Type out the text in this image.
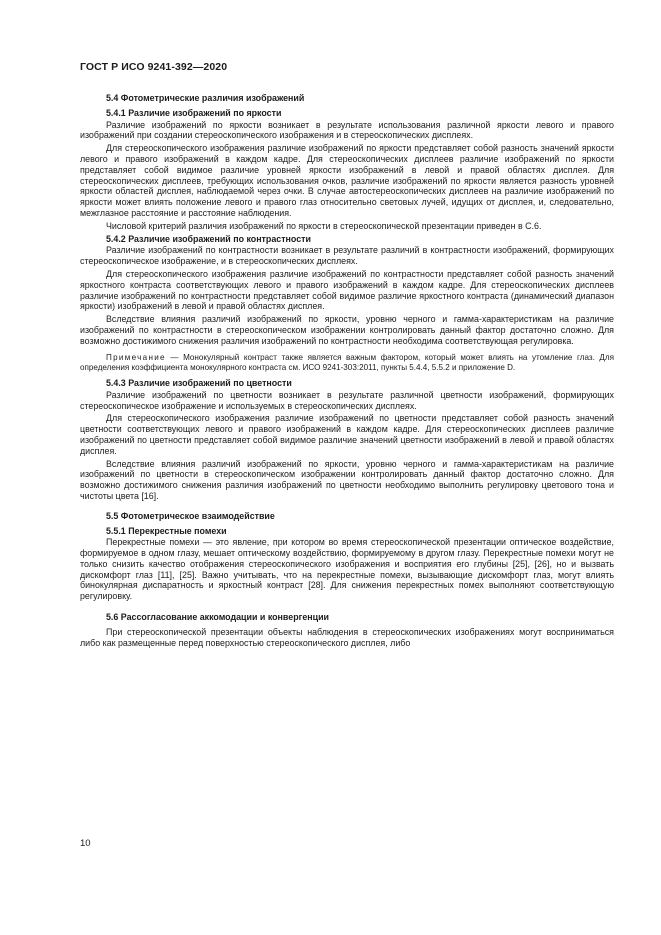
ГОСТ Р ИСО 9241-392—2020
5.4 Фотометрические различия изображений
5.4.1 Различие изображений по яркости
Различие изображений по яркости возникает в результате использования различной яркости левого и правого изображений при создании стереоскопического изображения и в стереоскопических дисплеях.
Для стереоскопического изображения различие изображений по яркости представляет собой разность значений яркости левого и правого изображений в каждом кадре. Для стереоскопических дисплеев различие изображений по яркости представляет собой видимое различие уровней яркости изображений в левой и правой областях дисплея. Для стереоскопических дисплеев, требующих использования очков, различие изображений по яркости является разность уровней яркости областей дисплея, наблюдаемой через очки. В случае автостереоскопических дисплеев на различие изображений по яркости может влиять положение левого и правого глаз относительно световых лучей, идущих от дисплея, и, следовательно, межглазное расстояние и расстояние наблюдения.
Числовой критерий различия изображений по яркости в стереоскопической презентации приведен в С.6.
5.4.2 Различие изображений по контрастности
Различие изображений по контрастности возникает в результате различий в контрастности изображений, формирующих стереоскопическое изображение, и в стереоскопических дисплеях.
Для стереоскопического изображения различие изображений по контрастности представляет собой разность значений яркостного контраста соответствующих левого и правого изображений в каждом кадре. Для стереоскопических дисплеев различие изображений по контрастности представляет собой видимое различие яркостного контраста (динамический диапазон яркости) изображений в левой и правой областях дисплея.
Вследствие влияния различий изображений по яркости, уровню черного и гамма-характеристикам на различие изображений по контрастности в стереоскопическом изображении контролировать данный фактор достаточно сложно. Для возможно достижимого снижения различия изображений по контрастности необходима соответствующая регулировка.
Примечание — Монокулярный контраст также является важным фактором, который может влиять на утомление глаз. Для определения коэффициента монокулярного контраста см. ИСО 9241-303:2011, пункты 5.4.4, 5.5.2 и приложение D.
5.4.3 Различие изображений по цветности
Различие изображений по цветности возникает в результате различной цветности изображений, формирующих стереоскопическое изображение и используемых в стереоскопических дисплеях.
Для стереоскопического изображения различие изображений по цветности представляет собой разность значений цветности соответствующих левого и правого изображений в каждом кадре. Для стереоскопических дисплеев различие изображений по цветности представляет собой видимое различие значений цветности изображений в левой и правой областях дисплея.
Вследствие влияния различий изображений по яркости, уровню черного и гамма-характеристикам на различие изображений по цветности в стереоскопическом изображении контролировать данный фактор достаточно сложно. Для возможно достижимого снижения различия изображений по цветности необходимо выполнить регулировку цветового тона и чистоты цвета [16].
5.5 Фотометрическое взаимодействие
5.5.1 Перекрестные помехи
Перекрестные помехи — это явление, при котором во время стереоскопической презентации оптическое воздействие, формируемое в одном глазу, мешает оптическому воздействию, формируемому в другом глазу. Перекрестные помехи могут не только снизить качество отображения стереоскопического изображения и восприятия его глубины [25], [26], но и вызвать дискомфорт глаз [11], [25]. Важно учитывать, что на перекрестные помехи, вызывающие дискомфорт глаз, могут влиять бинокулярная диспаратность и яркостный контраст [28]. Для снижения перекрестных помех выполняют соответствующую регулировку.
5.6 Рассогласование аккомодации и конвергенции
При стереоскопической презентации объекты наблюдения в стереоскопических изображениях могут восприниматься либо как размещенные перед поверхностью стереоскопического дисплея, либо
10
